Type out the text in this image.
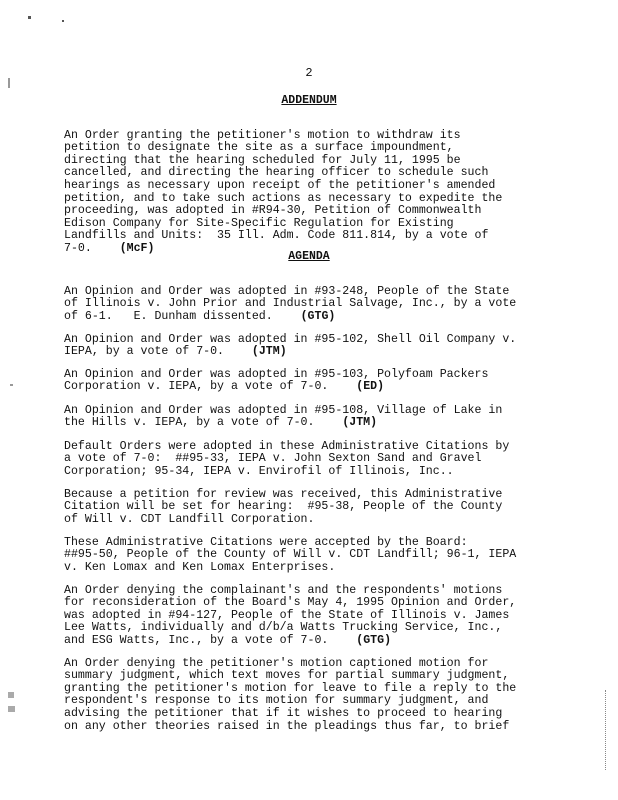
2
ADDENDUM

An Order granting the petitioner's motion to withdraw its
petition to designate the site as a surface impoundment,
directing that the hearing scheduled for July 11, 1995 be
cancelled, and directing the hearing officer to schedule such
hearings as necessary upon receipt of the petitioner's amended
petition, and to take such actions as necessary to expedite the
proceeding, was adopted in #R94-30, Petition of Commonwealth
Edison Company for Site-Specific Regulation for Existing
Landfills and Units:  35 Ill. Adm. Code 811.814, by a vote of
7-0. (McF)

AGENDA

An Opinion and Order was adopted in #93-248, People of the State
of Illinois v. John Prior and Industrial Salvage, Inc., by a vote
of 6-1.   E. Dunham dissented. (GTG)

An Opinion and Order was adopted in #95-102, Shell Oil Company v.
IEPA, by a vote of 7-0. (JTM)

An Opinion and Order was adopted in #95-103, Polyfoam Packers
Corporation v. IEPA, by a vote of 7-0. (ED)

An Opinion and Order was adopted in #95-108, Village of Lake in
the Hills v. IEPA, by a vote of 7-0. (JTM)

Default Orders were adopted in these Administrative Citations by
a vote of 7-0:  ##95-33, IEPA v. John Sexton Sand and Gravel
Corporation; 95-34, IEPA v. Envirofil of Illinois, Inc..

Because a petition for review was received, this Administrative
Citation will be set for hearing:  #95-38, People of the County
of Will v. CDT Landfill Corporation.

These Administrative Citations were accepted by the Board:
##95-50, People of the County of Will v. CDT Landfill; 96-1, IEPA
v. Ken Lomax and Ken Lomax Enterprises.

An Order denying the complainant's and the respondents' motions
for reconsideration of the Board's May 4, 1995 Opinion and Order,
was adopted in #94-127, People of the State of Illinois v. James
Lee Watts, individually and d/b/a Watts Trucking Service, Inc.,
and ESG Watts, Inc., by a vote of 7-0. (GTG)

An Order denying the petitioner's motion captioned motion for
summary judgment, which text moves for partial summary judgment,
granting the petitioner's motion for leave to file a reply to the
respondent's response to its motion for summary judgment, and
advising the petitioner that if it wishes to proceed to hearing
on any other theories raised in the pleadings thus far, to brief
